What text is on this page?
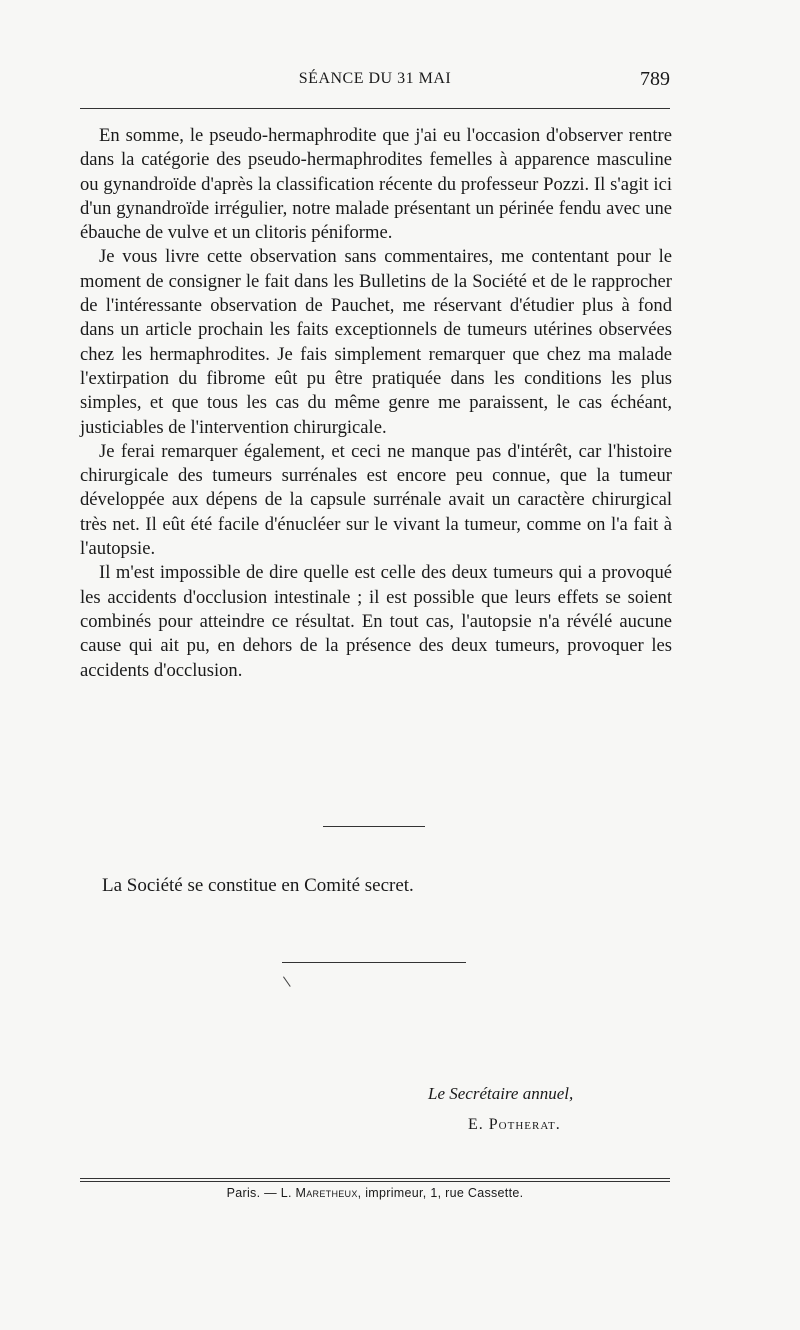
SÉANCE DU 31 MAI	789

En somme, le pseudo-hermaphrodite que j'ai eu l'occasion d'observer rentre dans la catégorie des pseudo-hermaphrodites femelles à apparence masculine ou gynandroïde d'après la classification récente du professeur Pozzi. Il s'agit ici d'un gynandroïde irrégulier, notre malade présentant un périnée fendu avec une ébauche de vulve et un clitoris péniforme.

Je vous livre cette observation sans commentaires, me contentant pour le moment de consigner le fait dans les Bulletins de la Société et de le rapprocher de l'intéressante observation de Pauchet, me réservant d'étudier plus à fond dans un article prochain les faits exceptionnels de tumeurs utérines observées chez les hermaphrodites. Je fais simplement remarquer que chez ma malade l'extirpation du fibrome eût pu être pratiquée dans les conditions les plus simples, et que tous les cas du même genre me paraissent, le cas échéant, justiciables de l'intervention chirurgicale.

Je ferai remarquer également, et ceci ne manque pas d'intérêt, car l'histoire chirurgicale des tumeurs surrénales est encore peu connue, que la tumeur développée aux dépens de la capsule surrénale avait un caractère chirurgical très net. Il eût été facile d'énucléer sur le vivant la tumeur, comme on l'a fait à l'autopsie.

Il m'est impossible de dire quelle est celle des deux tumeurs qui a provoqué les accidents d'occlusion intestinale ; il est possible que leurs effets se soient combinés pour atteindre ce résultat. En tout cas, l'autopsie n'a révélé aucune cause qui ait pu, en dehors de la présence des deux tumeurs, provoquer les accidents d'occlusion.

La Société se constitue en Comité secret.
Le Secrétaire annuel,
E. Potherat.
Paris. — L. Maretheux, imprimeur, 1, rue Cassette.
